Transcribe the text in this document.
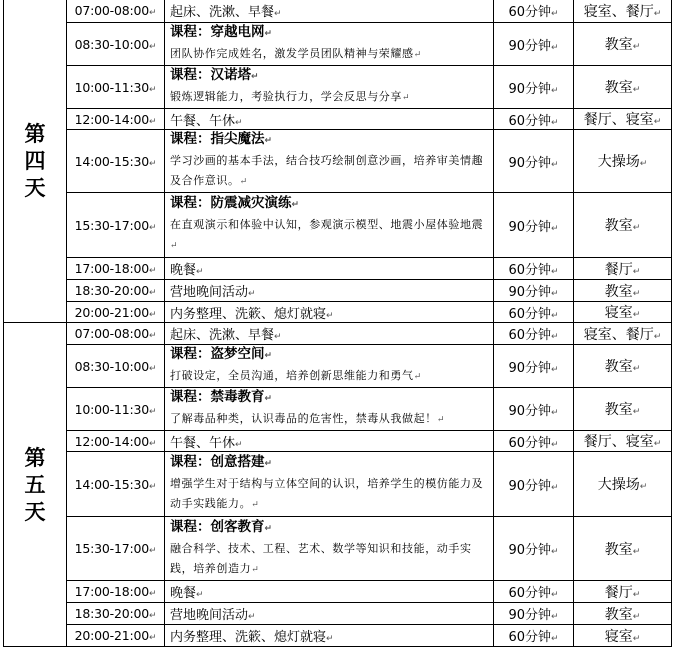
第
四
天	07:00-08:00↵	起床、洗漱、早餐↵	60分钟↵	寝室、餐厅↵
	08:30-10:00↵	课程：穿越电网↵
团队协作完成姓名，激发学员团队精神与荣耀感↵	90分钟↵	教室↵
	10:00-11:30↵	课程：汉诺塔↵
锻炼逻辑能力，考验执行力，学会反思与分享↵	90分钟↵	教室↵
	12:00-14:00↵	午餐、午休↵	60分钟↵	餐厅、寝室↵
	14:00-15:30↵	课程：指尖魔法↵
学习沙画的基本手法，结合技巧绘制创意沙画，培养审美情趣及合作意识。↵	90分钟↵	大操场↵
	15:30-17:00↵	课程：防震减灾演练↵
在直观演示和体验中认知，参观演示模型、地震小屋体验地震↵	90分钟↵	教室↵
	17:00-18:00↵	晚餐↵	60分钟↵	餐厅↵
	18:30-20:00↵	营地晚间活动↵	90分钟↵	教室↵
	20:00-21:00↵	内务整理、洗簌、熄灯就寝↵	60分钟↵	寝室↵

第
五
天	07:00-08:00↵	起床、洗漱、早餐↵	60分钟↵	寝室、餐厅↵
	08:30-10:00↵	课程：盗梦空间↵
打破设定，全员沟通，培养创新思维能力和勇气↵	90分钟↵	教室↵
	10:00-11:30↵	课程：禁毒教育↵
了解毒品种类，认识毒品的危害性，禁毒从我做起！↵	90分钟↵	教室↵
	12:00-14:00↵	午餐、午休↵	60分钟↵	餐厅、寝室↵
	14:00-15:30↵	课程：创意搭建↵
增强学生对于结构与立体空间的认识，培养学生的模仿能力及动手实践能力。↵	90分钟↵	大操场↵
	15:30-17:00↵	课程：创客教育↵
融合科学、技术、工程、艺术、数学等知识和技能，动手实践，培养创造力↵	90分钟↵	教室↵
	17:00-18:00↵	晚餐↵	60分钟↵	餐厅↵
	18:30-20:00↵	营地晚间活动↵	90分钟↵	教室↵
	20:00-21:00↵	内务整理、洗簌、熄灯就寝↵	60分钟↵	寝室↵
